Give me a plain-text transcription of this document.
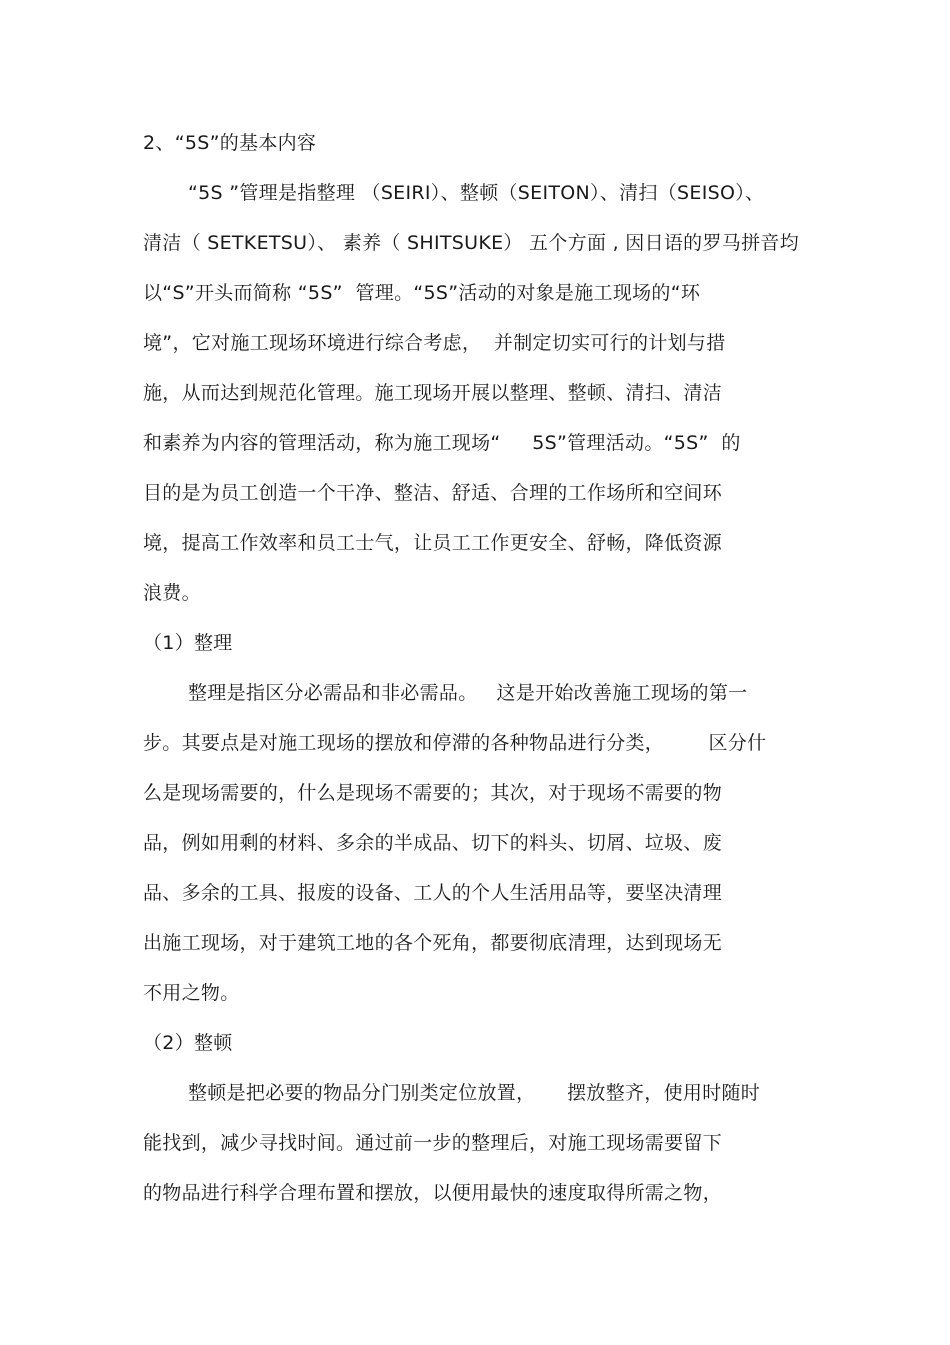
2、“5S”的基本内容
“5S ”管理是指整理 （SEIRI）、整顿（SEITON）、清扫（SEISO）、
清洁（ SETKETSU）、 素养（ SHITSUKE） 五个方面 , 因日语的罗马拼音均
以“S”开头而简称 “5S”  管理。“5S”活动的对象是施工现场的“环
境”，它对施工现场环境进行综合考虑，  并制定切实可行的计划与措
施，从而达到规范化管理。施工现场开展以整理、整顿、清扫、清洁
和素养为内容的管理活动，称为施工现场“     5S”管理活动。“5S”  的
目的是为员工创造一个干净、整洁、舒适、合理的工作场所和空间环
境，提高工作效率和员工士气，让员工工作更安全、舒畅，降低资源
浪费。
（1）整理
整理是指区分必需品和非必需品。   这是开始改善施工现场的第一
步。其要点是对施工现场的摆放和停滞的各种物品进行分类，       区分什
么是现场需要的，什么是现场不需要的；其次，对于现场不需要的物
品，例如用剩的材料、多余的半成品、切下的料头、切屑、垃圾、废
品、多余的工具、报废的设备、工人的个人生活用品等，要坚决清理
出施工现场，对于建筑工地的各个死角，都要彻底清理，达到现场无
不用之物。
（2）整顿
整顿是把必要的物品分门别类定位放置，     摆放整齐，使用时随时
能找到，减少寻找时间。通过前一步的整理后，对施工现场需要留下
的物品进行科学合理布置和摆放，以便用最快的速度取得所需之物，
